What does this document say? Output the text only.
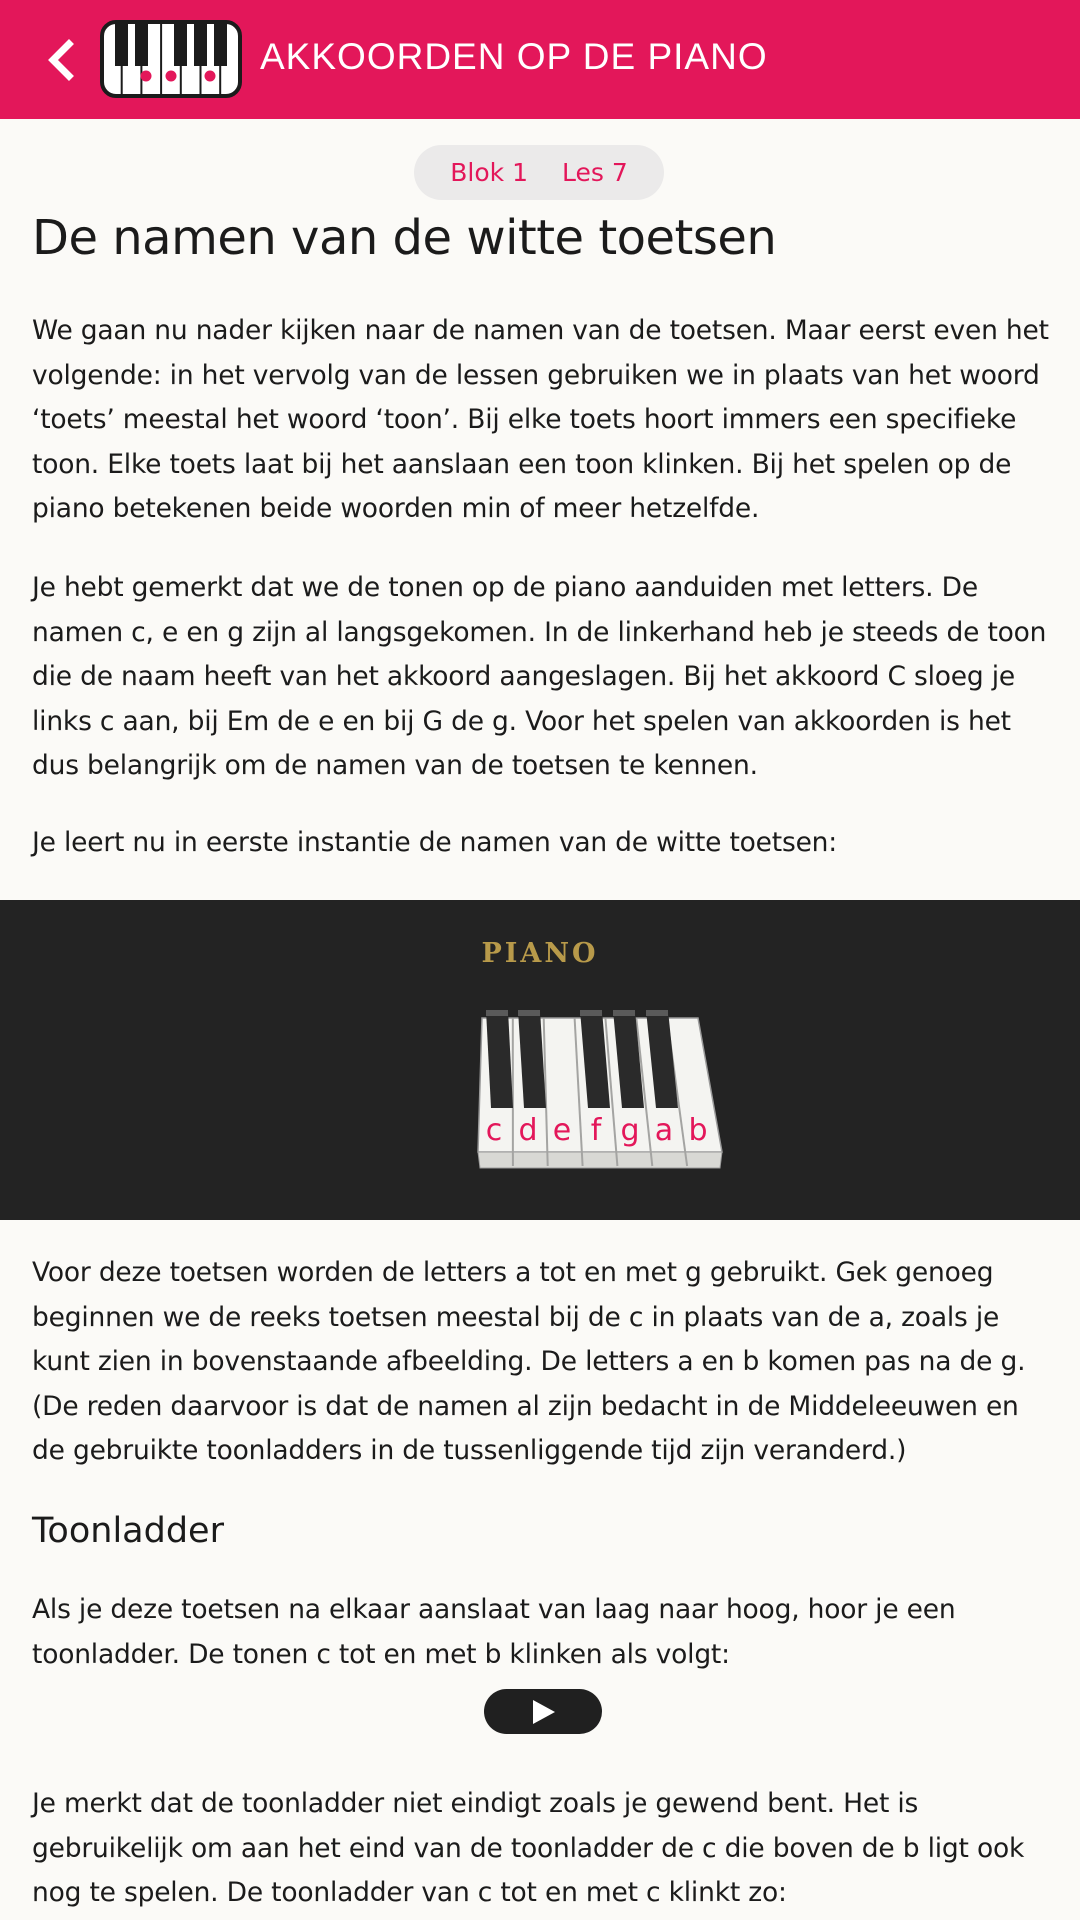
AKKOORDEN OP DE PIANO
Blok 1 Les 7
De namen van de witte toetsen

We gaan nu nader kijken naar de namen van de toetsen. Maar eerst even het volgende: in het vervolg van de lessen gebruiken we in plaats van het woord ‘toets’ meestal het woord ‘toon’. Bij elke toets hoort immers een specifieke toon. Elke toets laat bij het aanslaan een toon klinken. Bij het spelen op de piano betekenen beide woorden min of meer hetzelfde.

Je hebt gemerkt dat we de tonen op de piano aanduiden met letters. De namen c, e en g zijn al langsgekomen. In de linkerhand heb je steeds de toon die de naam heeft van het akkoord aangeslagen. Bij het akkoord C sloeg je links c aan, bij Em de e en bij G de g. Voor het spelen van akkoorden is het dus belangrijk om de namen van de toetsen te kennen.

Je leert nu in eerste instantie de namen van de witte toetsen:

PIANO
c d e f g a b

Voor deze toetsen worden de letters a tot en met g gebruikt. Gek genoeg beginnen we de reeks toetsen meestal bij de c in plaats van de a, zoals je kunt zien in bovenstaande afbeelding. De letters a en b komen pas na de g. (De reden daarvoor is dat de namen al zijn bedacht in de Middeleeuwen en de gebruikte toonladders in de tussenliggende tijd zijn veranderd.)

Toonladder

Als je deze toetsen na elkaar aanslaat van laag naar hoog, hoor je een toonladder. De tonen c tot en met b klinken als volgt:

Je merkt dat de toonladder niet eindigt zoals je gewend bent. Het is gebruikelijk om aan het eind van de toonladder de c die boven de b ligt ook nog te spelen. De toonladder van c tot en met c klinkt zo:
